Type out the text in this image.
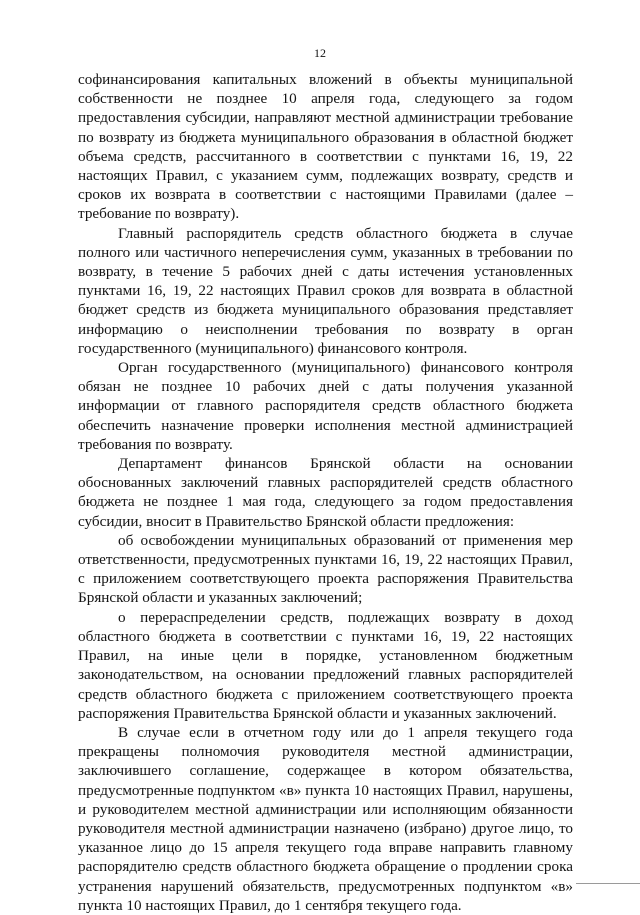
12

софинансирования капитальных вложений в объекты муниципальной собственности не позднее 10 апреля года, следующего за годом предоставления субсидии, направляют местной администрации требование по возврату из бюджета муниципального образования в областной бюджет объема средств, рассчитанного в соответствии с пунктами 16, 19, 22 настоящих Правил, с указанием сумм, подлежащих возврату, средств и сроков их возврата в соответствии с настоящими Правилами (далее – требование по возврату).

Главный распорядитель средств областного бюджета в случае полного или частичного неперечисления сумм, указанных в требовании по возврату, в течение 5 рабочих дней с даты истечения установленных пунктами 16, 19, 22 настоящих Правил сроков для возврата в областной бюджет средств из бюджета муниципального образования представляет информацию о неисполнении требования по возврату в орган государственного (муниципального) финансового контроля.

Орган государственного (муниципального) финансового контроля обязан не позднее 10 рабочих дней с даты получения указанной информации от главного распорядителя средств областного бюджета обеспечить назначение проверки исполнения местной администрацией требования по возврату.

Департамент финансов Брянской области на основании обоснованных заключений главных распорядителей средств областного бюджета не позднее 1 мая года, следующего за годом предоставления субсидии, вносит в Правительство Брянской области предложения:

об освобождении муниципальных образований от применения мер ответственности, предусмотренных пунктами 16, 19, 22 настоящих Правил, с приложением соответствующего проекта распоряжения Правительства Брянской области и указанных заключений;

о перераспределении средств, подлежащих возврату в доход областного бюджета в соответствии с пунктами 16, 19, 22 настоящих Правил, на иные цели в порядке, установленном бюджетным законодательством, на основании предложений главных распорядителей средств областного бюджета с приложением соответствующего проекта распоряжения Правительства Брянской области и указанных заключений.

В случае если в отчетном году или до 1 апреля текущего года прекращены полномочия руководителя местной администрации, заключившего соглашение, содержащее в котором обязательства, предусмотренные подпунктом «в» пункта 10 настоящих Правил, нарушены, и руководителем местной администрации или исполняющим обязанности руководителя местной администрации назначено (избрано) другое лицо, то указанное лицо до 15 апреля текущего года вправе направить главному распорядителю средств областного бюджета обращение о продлении срока устранения нарушений обязательств, предусмотренных подпунктом «в» пункта 10 настоящих Правил, до 1 сентября текущего года.
